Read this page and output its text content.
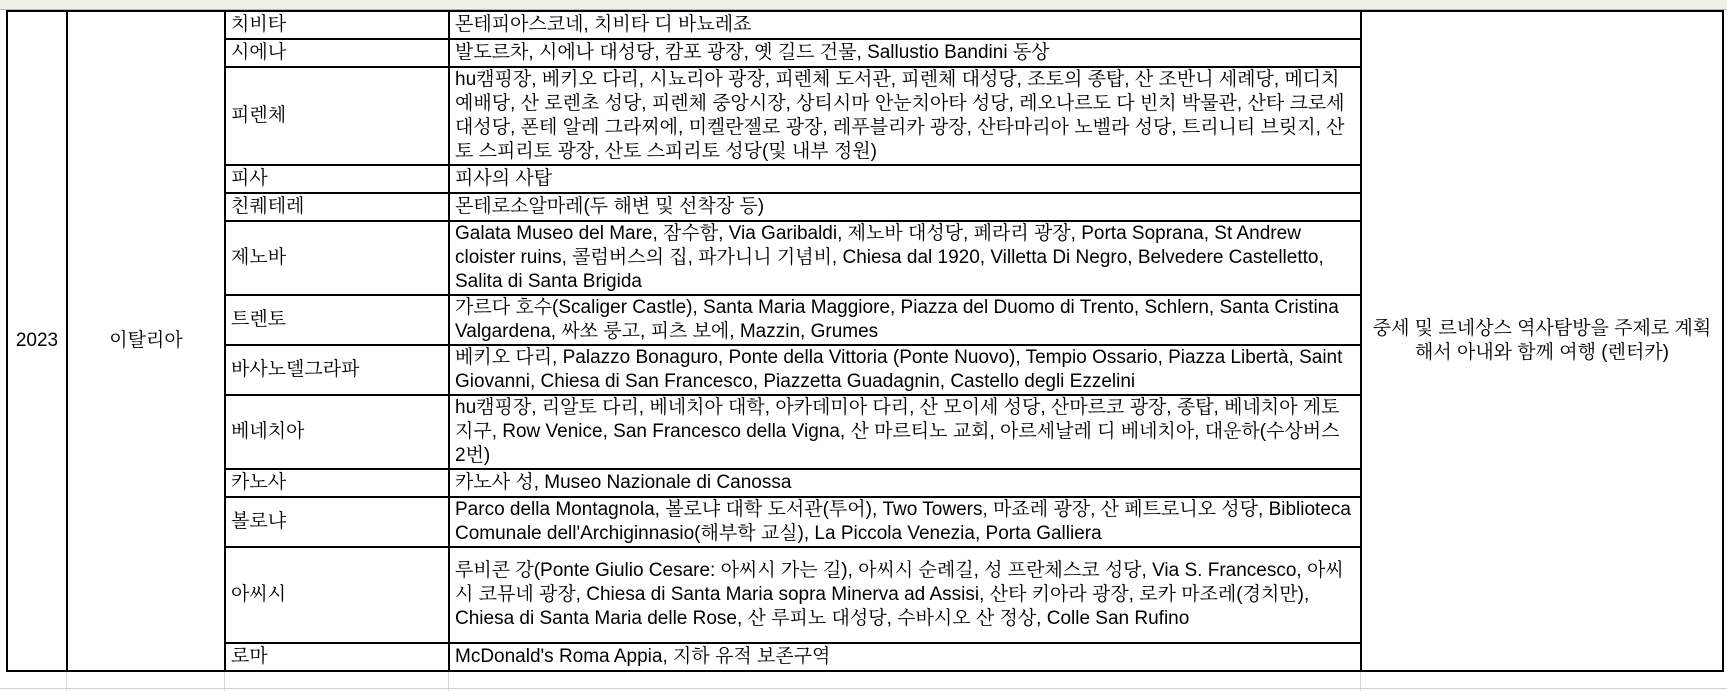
2023	이탈리아	치비타	몬테피아스코네, 치비타 디 바뇨레죠	중세 및 르네상스 역사탐방을 주제로 계획해서 아내와 함께 여행 (렌터카)
		시에나	발도르차, 시에나 대성당, 캄포 광장, 옛 길드 건물, Sallustio Bandini 동상	
		피렌체	hu캠핑장, 베키오 다리, 시뇨리아 광장, 피렌체 도서관, 피렌체 대성당, 조토의 종탑, 산 조반니 세례당, 메디치 예배당, 산 로렌초 성당, 피렌체 중앙시장, 상티시마 안눈치아타 성당, 레오나르도 다 빈치 박물관, 산타 크로세 대성당, 폰테 알레 그라찌에, 미켈란젤로 광장, 레푸블리카 광장, 산타마리아 노벨라 성당, 트리니티 브릿지, 산토 스피리토 광장, 산토 스피리토 성당(및 내부 정원)	
		피사	피사의 사탑	
		친퀘테레	몬테로소알마레(두 해변 및 선착장 등)	
		제노바	Galata Museo del Mare, 잠수함, Via Garibaldi, 제노바 대성당, 페라리 광장, Porta Soprana, St Andrew cloister ruins, 콜럼버스의 집, 파가니니 기념비, Chiesa dal 1920, Villetta Di Negro, Belvedere Castelletto, Salita di Santa Brigida	
		트렌토	가르다 호수(Scaliger Castle), Santa Maria Maggiore, Piazza del Duomo di Trento, Schlern, Santa Cristina Valgardena, 싸쏘 룽고, 피츠 보에, Mazzin, Grumes	
		바사노델그라파	베키오 다리, Palazzo Bonaguro, Ponte della Vittoria (Ponte Nuovo), Tempio Ossario, Piazza Libertà, Saint Giovanni, Chiesa di San Francesco, Piazzetta Guadagnin, Castello degli Ezzelini	
		베네치아	hu캠핑장, 리알토 다리, 베네치아 대학, 아카데미아 다리, 산 모이세 성당, 산마르코 광장, 종탑, 베네치아 게토 지구, Row Venice, San Francesco della Vigna, 산 마르티노 교회, 아르세날레 디 베네치아, 대운하(수상버스 2번)	
		카노사	카노사 성, Museo Nazionale di Canossa	
		볼로냐	Parco della Montagnola, 볼로냐 대학 도서관(투어), Two Towers, 마죠레 광장, 산 페트로니오 성당, Biblioteca Comunale dell'Archiginnasio(해부학 교실), La Piccola Venezia, Porta Galliera	
		아씨시	루비콘 강(Ponte Giulio Cesare: 아씨시 가는 길), 아씨시 순례길, 성 프란체스코 성당, Via S. Francesco, 아씨시 코뮤네 광장, Chiesa di Santa Maria sopra Minerva ad Assisi, 산타 키아라 광장, 로카 마조레(경치만), Chiesa di Santa Maria delle Rose, 산 루피노 대성당, 수바시오 산 정상, Colle San Rufino	
		로마	McDonald's Roma Appia, 지하 유적 보존구역	
